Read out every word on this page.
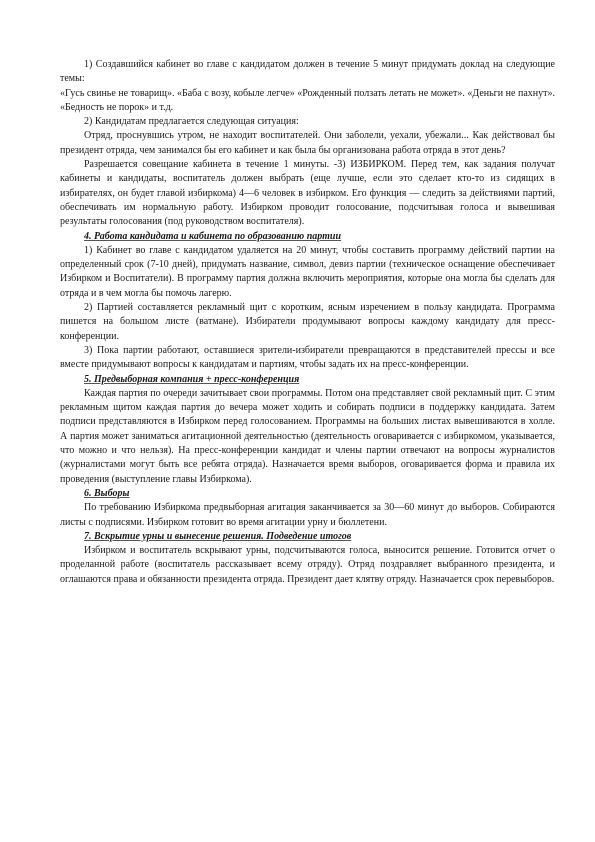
1) Создавшийся кабинет во главе с кандидатом должен в течение 5 минут придумать доклад на следующие темы:

«Гусь свинье не товарищ». «Баба с возу, кобыле легче» «Рожденный ползать летать не может». «Деньги не пахнут». «Бедность не порок» и т.д.

2) Кандидатам предлагается следующая ситуация:

Отряд, проснувшись утром, не находит воспитателей. Они заболели, уехали, убежали... Как действовал бы президент отряда, чем занимался бы его кабинет и как была бы организована работа отряда в этот день?

Разрешается совещание кабинета в течение 1 минуты. -3) ИЗБИРКОМ. Перед тем, как задания получат кабинеты и кандидаты, воспитатель должен выбрать (еще лучше, если это сделает кто-то из сидящих в избирателях, он будет главой избиркома) 4—6 человек в избирком. Его функция — следить за действиями партий, обеспечивать им нормальную работу. Избирком проводит голосование, подсчитывая голоса и вывешивая результаты голосования (под руководством воспитателя).

4. Работа кандидата и кабинета по образованию партии

1) Кабинет во главе с кандидатом удаляется на 20 минут, чтобы составить программу действий партии на определенный срок (7-10 дней), придумать название, символ, девиз партии (техническое оснащение обеспечивает Избирком и Воспитатели). В программу партия должна включить мероприятия, которые она могла бы сделать для отряда и в чем могла бы помочь лагерю.

2) Партией составляется рекламный щит с коротким, ясным изречением в пользу кандидата. Программа пишется на большом листе (ватмане). Избиратели продумывают вопросы каждому кандидату для пресс-конференции.

3) Пока партии работают, оставшиеся зрители-избиратели превращаются в представителей прессы и все вместе придумывают вопросы к кандидатам и партиям, чтобы задать их на пресс-конференции.

5. Предвыборная компания + пресс-конференция

Каждая партия по очереди зачитывает свои программы. Потом она представляет свой рекламный щит. С этим рекламным щитом каждая партия до вечера может ходить и собирать подписи в поддержку кандидата. Затем подписи представляются в Избирком перед голосованием. Программы на больших листах вывешиваются в холле. А партия может заниматься агитационной деятельностью (деятельность оговаривается с избиркомом, указывается, что можно и что нельзя). На пресс-конференции кандидат и члены партии отвечают на вопросы журналистов (журналистами могут быть все ребята отряда). Назначается время выборов, оговаривается форма и правила их проведения (выступление главы Избиркома).

6. Выборы

По требованию Избиркома предвыборная агитация заканчивается за 30—60 минут до выборов. Собираются листы с подписями. Избирком готовит во время агитации урну и бюллетени.

7. Вскрытие урны и вынесение решения. Подведение итогов

Избирком и воспитатель вскрывают урны, подсчитываются голоса, выносится решение. Готовится отчет о проделанной работе (воспитатель рассказывает всему отряду). Отряд поздравляет выбранного президента, и оглашаются права и обязанности президента отряда. Президент дает клятву отряду. Назначается срок перевыборов.
